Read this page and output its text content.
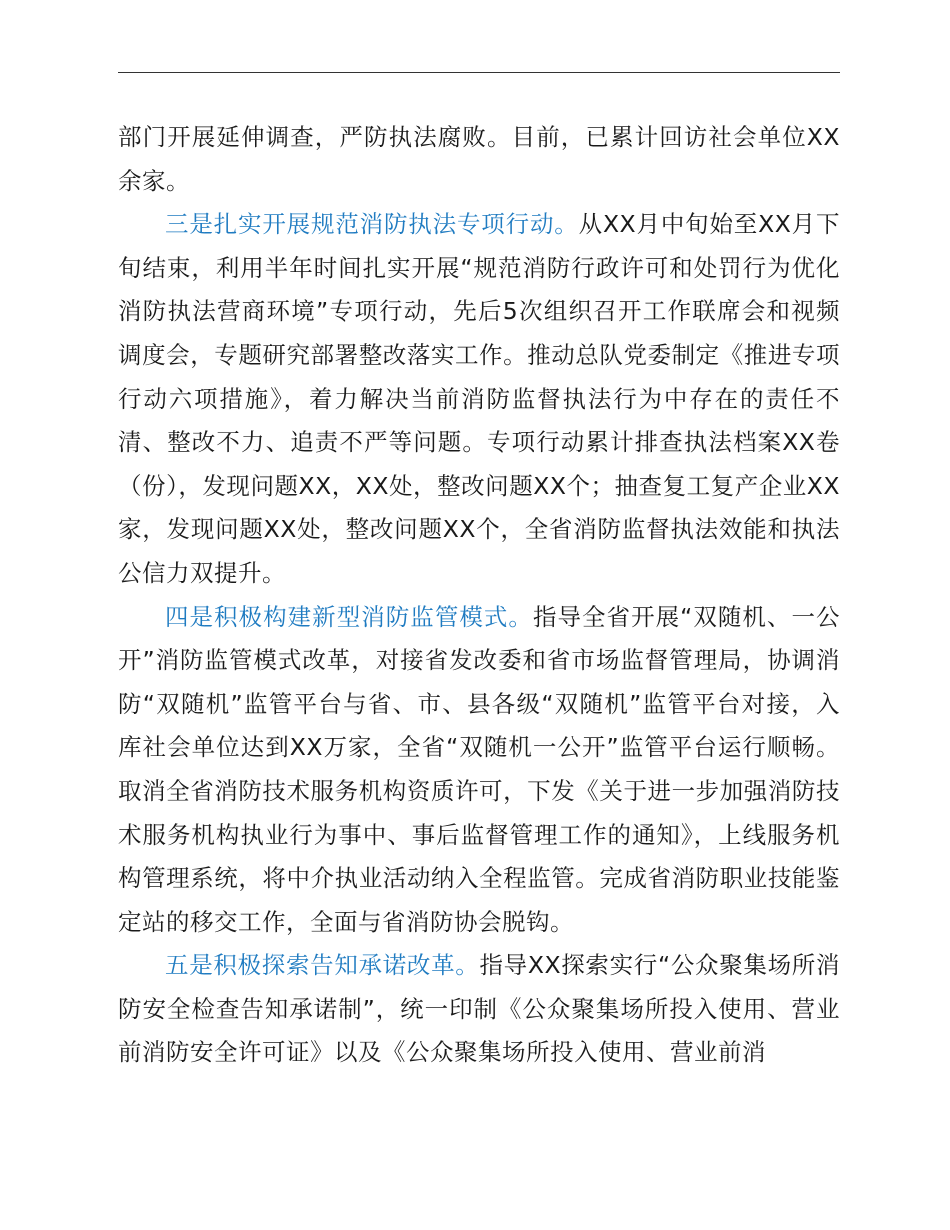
部门开展延伸调查，严防执法腐败。目前，已累计回访社会单位XX余家。

三是扎实开展规范消防执法专项行动。从XX月中旬始至XX月下旬结束，利用半年时间扎实开展“规范消防行政许可和处罚行为优化消防执法营商环境”专项行动，先后5次组织召开工作联席会和视频调度会，专题研究部署整改落实工作。推动总队党委制定《推进专项行动六项措施》，着力解决当前消防监督执法行为中存在的责任不清、整改不力、追责不严等问题。专项行动累计排查执法档案XX卷（份），发现问题XX，XX处，整改问题XX个；抽查复工复产企业XX家，发现问题XX处，整改问题XX个，全省消防监督执法效能和执法公信力双提升。

四是积极构建新型消防监管模式。指导全省开展“双随机、一公开”消防监管模式改革，对接省发改委和省市场监督管理局，协调消防“双随机”监管平台与省、市、县各级“双随机”监管平台对接，入库社会单位达到XX万家，全省“双随机一公开”监管平台运行顺畅。取消全省消防技术服务机构资质许可，下发《关于进一步加强消防技术服务机构执业行为事中、事后监督管理工作的通知》，上线服务机构管理系统，将中介执业活动纳入全程监管。完成省消防职业技能鉴定站的移交工作，全面与省消防协会脱钩。

五是积极探索告知承诺改革。指导XX探索实行“公众聚集场所消防安全检查告知承诺制”，统一印制《公众聚集场所投入使用、营业前消防安全许可证》以及《公众聚集场所投入使用、营业前消
